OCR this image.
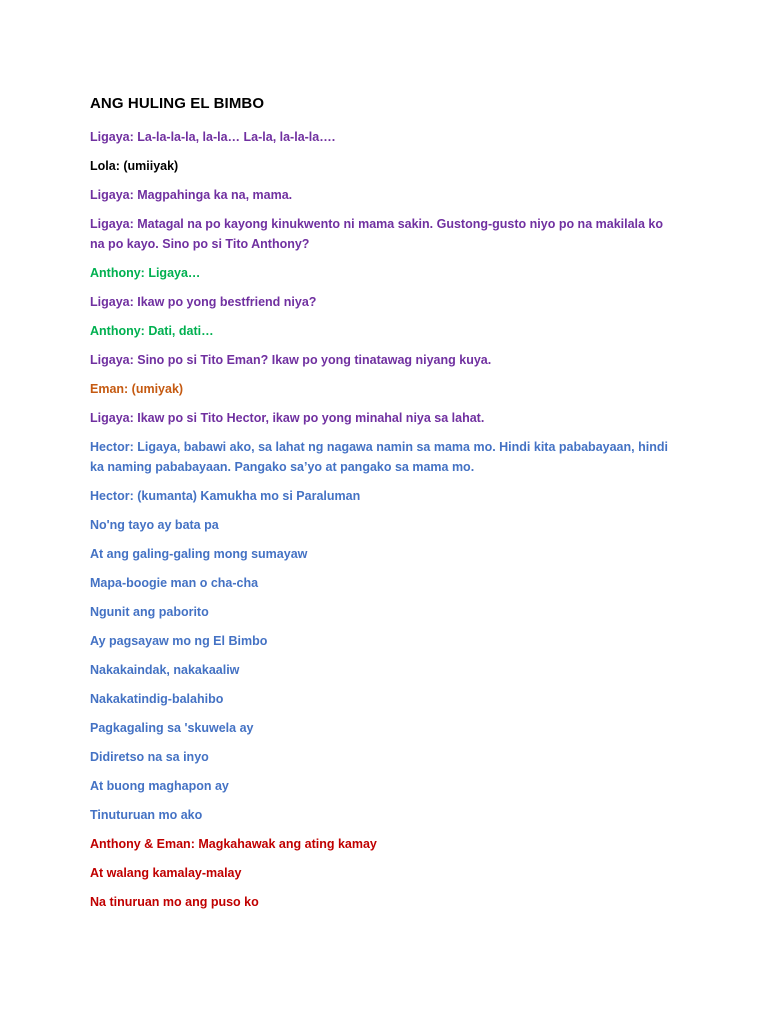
ANG HULING EL BIMBO
Ligaya: La-la-la-la, la-la… La-la, la-la-la….
Lola: (umiiyak)
Ligaya: Magpahinga ka na, mama.
Ligaya: Matagal na po kayong kinukwento ni mama sakin. Gustong-gusto niyo po na makilala ko na po kayo. Sino po si Tito Anthony?
Anthony: Ligaya…
Ligaya: Ikaw po yong bestfriend niya?
Anthony: Dati, dati…
Ligaya: Sino po si Tito Eman? Ikaw po yong tinatawag niyang kuya.
Eman: (umiyak)
Ligaya: Ikaw po si Tito Hector, ikaw po yong minahal niya sa lahat.
Hector: Ligaya, babawi ako, sa lahat ng nagawa namin sa mama mo. Hindi kita pababayaan, hindi ka naming pababayaan. Pangako sa’yo at pangako sa mama mo.
Hector: (kumanta) Kamukha mo si Paraluman
No'ng tayo ay bata pa
At ang galing-galing mong sumayaw
Mapa-boogie man o cha-cha
Ngunit ang paborito
Ay pagsayaw mo ng El Bimbo
Nakakaindak, nakakaaliw
Nakakatindig-balahibo
Pagkagaling sa 'skuwela ay
Didiretso na sa inyo
At buong maghapon ay
Tinuturuan mo ako
Anthony & Eman: Magkahawak ang ating kamay
At walang kamalay-malay
Na tinuruan mo ang puso ko
